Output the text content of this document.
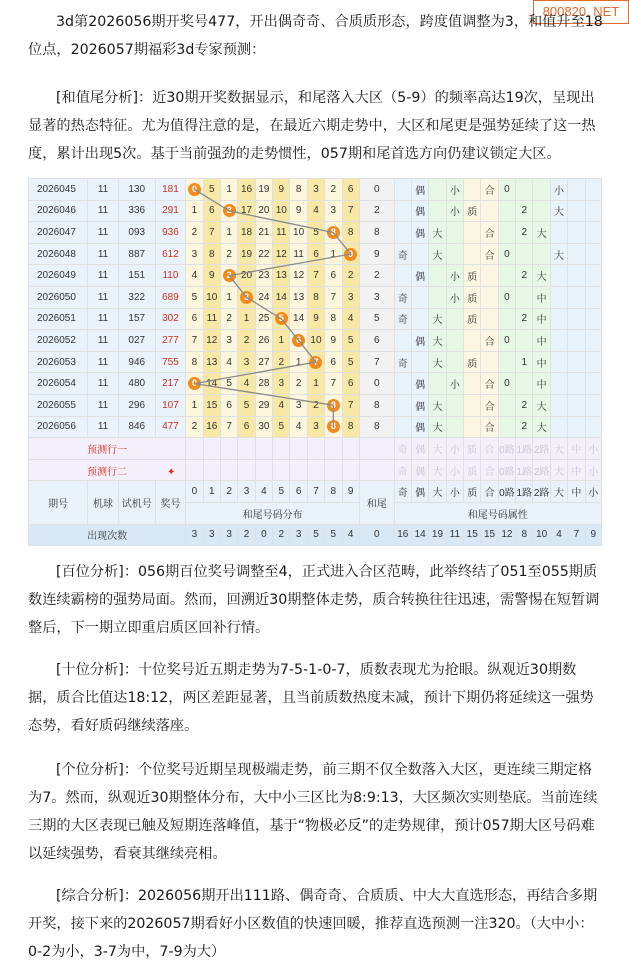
800820. NET
3d第2026056期开奖号477，开出偶奇奇、合质质形态，跨度值调整为3，和值升至18位点，2026057期福彩3d专家预测：
[和值尾分析]：近30期开奖数据显示，和尾落入大区（5-9）的频率高达19次，呈现出显著的热态特征。尤为值得注意的是，在最近六期走势中，大区和尾更是强势延续了这一热度，累计出现5次。基于当前强劲的走势惯性，057期和尾首选方向仍建议锁定大区。
2026045	11	130	181	0	5	1	16	19	9	8	3	2	6	0		偶		小		合	0			小		
2026046	11	336	291	1	6	2	17	20	10	9	4	3	7	2		偶		小	质			2		大		
2026047	11	093	936	2	7	1	18	21	11	10	5	8	8	8		偶	大			合		2	大			
2026048	11	887	612	3	8	2	19	22	12	11	6	1	9	9	奇		大			合	0			大		
2026049	11	151	110	4	9	2	20	23	13	12	7	6	2	2		偶		小	质			2	大			
2026050	11	322	689	5	10	1	3	24	14	13	8	7	3	3	奇			小	质		0		中			
2026051	11	157	302	6	11	2	1	25	5	14	9	8	4	5	奇		大		质			2	中			
2026052	11	027	277	7	12	3	2	26	1	6	10	9	5	6		偶	大			合	0		中			
2026053	11	946	755	8	13	4	3	27	2	1	7	6	5	7	奇		大		质			1	中			
2026054	11	480	217	0	14	5	4	28	3	2	1	7	6	0		偶		小		合	0		中			
2026055	11	296	107	1	15	6	5	29	4	3	2	8	7	8		偶	大			合		2	大			
2026056	11	846	477	2	16	7	6	30	5	4	3	8	8	8		偶	大			合		2	大			
预测行一															奇	偶	大	小	质	合	0路	1路	2路	大	中	小
预测行二 ✦															奇	偶	大	小	质	合	0路	1路	2路	大	中	小
期号	机球	试机号	奖号	0	1	2	3	4	5	6	7	8	9	和尾	奇	偶	大	小	质	合	0路	1路	2路	大	中	小
				和尾号码分布											和尾号码属性											
出现次数				3	3	3	2	0	2	3	5	5	4	0	16	14	19	11	15	15	12	8	10	4	7	9
[百位分析]：056期百位奖号调整至4，正式进入合区范畴，此举终结了051至055期质数连续霸榜的强势局面。然而，回溯近30期整体走势，质合转换往往迅速，需警惕在短暂调整后，下一期立即重启质区回补行情。
[十位分析]：十位奖号近五期走势为7-5-1-0-7，质数表现尤为抢眼。纵观近30期数据，质合比值达18:12，两区差距显著，且当前质数热度未减，预计下期仍将延续这一强势态势，看好质码继续落座。
[个位分析]：个位奖号近期呈现极端走势，前三期不仅全数落入大区，更连续三期定格为7。然而，纵观近30期整体分布，大中小三区比为8:9:13，大区频次实则垫底。当前连续三期的大区表现已触及短期连落峰值，基于“物极必反”的走势规律，预计057期大区号码难以延续强势，看衰其继续亮相。
[综合分析]：2026056期开出111路、偶奇奇、合质质、中大大直选形态，再结合多期开奖，接下来的2026057期看好小区数值的快速回暖，推荐直选预测一注320。（大中小：0-2为小，3-7为中，7-9为大）
